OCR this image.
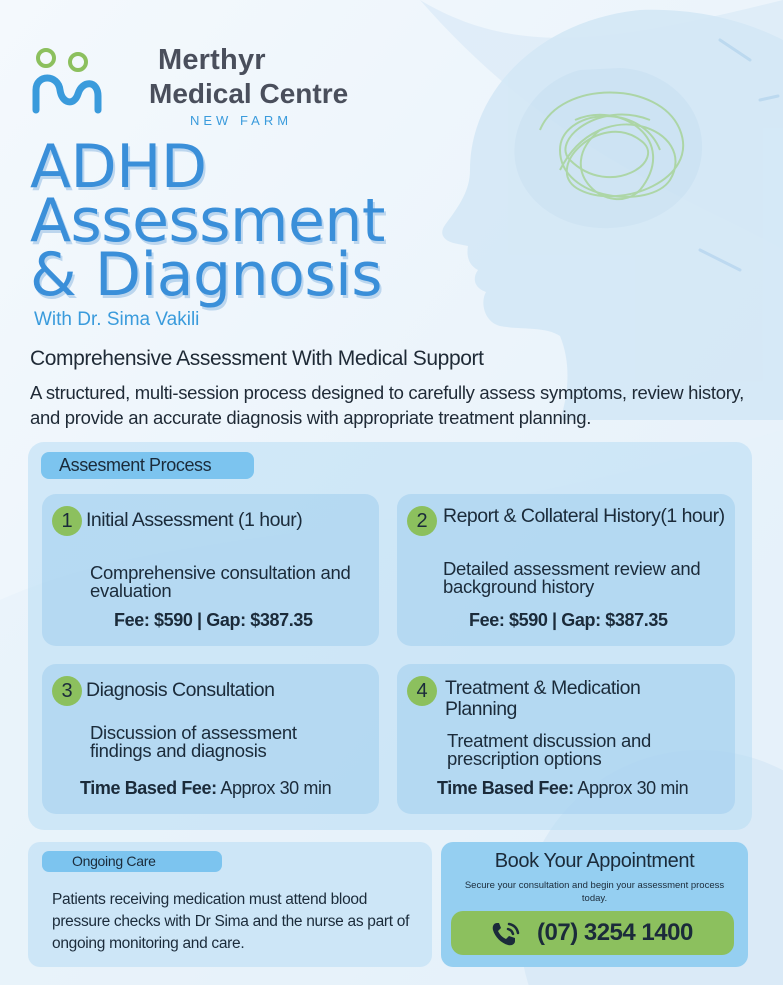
Merthyr
Medical Centre
NEW FARM
ADHD
Assessment
& Diagnosis
With Dr. Sima Vakili
Comprehensive Assessment With Medical Support
A structured, multi-session process designed to carefully assess symptoms, review history, and provide an accurate diagnosis with appropriate treatment planning.
Assesment Process
1 Initial Assessment (1 hour)
Comprehensive consultation and evaluation
Fee: $590 | Gap: $387.35
2 Report & Collateral History(1 hour)
Detailed assessment review and background history
Fee: $590 | Gap: $387.35
3 Diagnosis Consultation
Discussion of assessment findings and diagnosis
Time Based Fee: Approx 30 min
4 Treatment & Medication Planning
Treatment discussion and prescription options
Time Based Fee: Approx 30 min
Ongoing Care
Patients receiving medication must attend blood pressure checks with Dr Sima and the nurse as part of ongoing monitoring and care.
Book Your Appointment
Secure your consultation and begin your assessment process today.
(07) 3254 1400
